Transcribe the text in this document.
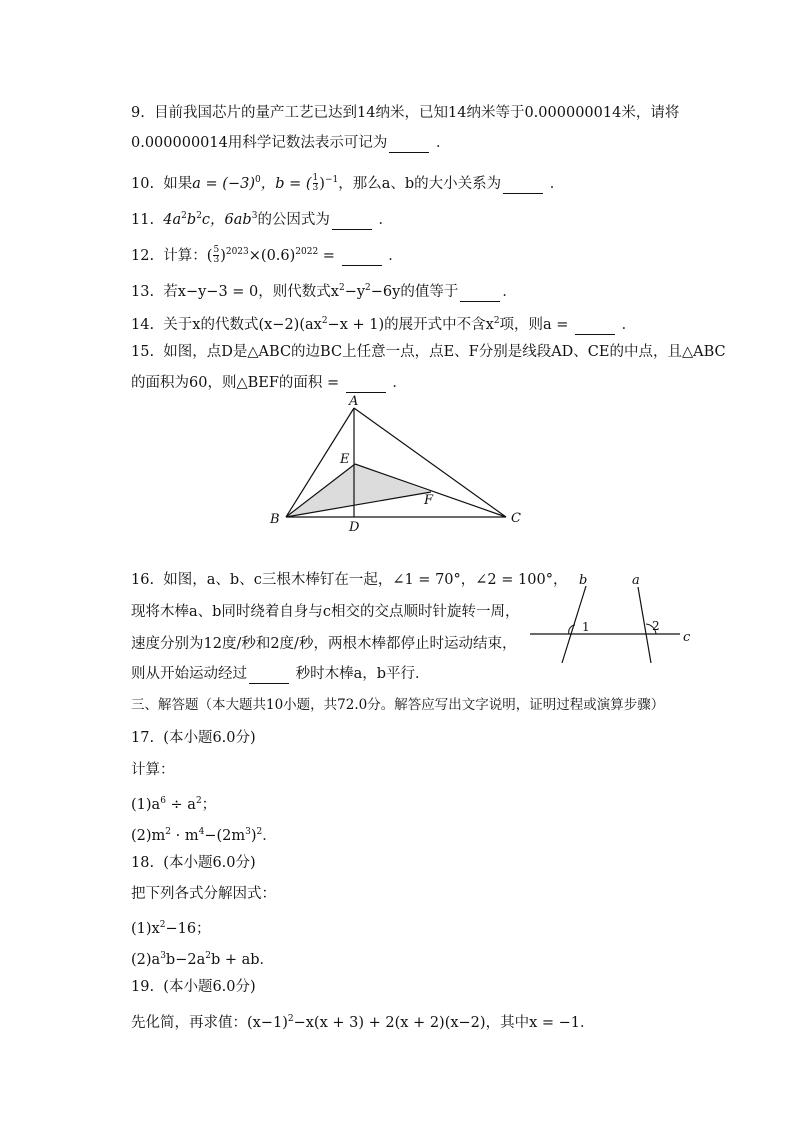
9. 目前我国芯片的量产工艺已达到14纳米，已知14纳米等于0.000000014米，请将
0.000000014用科学记数法表示可记为	．
10. 如果$a = (-3)^0$，b = ( $\frac{1}{3} )^{-1}$，那么a、b的大小关系为	．
11. $4a^2b^2c$，$6ab^3$的公因式为	．
12. 计算：( $\frac{5}{3} )^{2023}\times(0.6)^{2022}$ =	．
13. 若x−y−3 = 0，则代数式$x^2-y^2-6y$的值等于	．
14. 关于x的代数式$(x-2)(ax^2-x + 1)$的展开式中不含$x^2$项，则a =	．
15. 如图，点D是△ABC的边BC上任意一点，点E、F分别是线段AD、CE的中点，且△ABC
的面积为60，则△BEF的面积 =	．
A
E
F
B
D
C
16. 如图，a、b、c三根木棒钉在一起，∠1 = 70°，∠2 = 100°，
现将木棒a、b同时绕着自身与c相交的交点顺时针旋转一周，
速度分别为12度/秒和2度/秒，两根木棒都停止时运动结束，
则从开始运动经过	秒时木棒a，b平行．
b	a
c
1	2
三、解答题（本大题共10小题，共72.0分。解答应写出文字说明，证明过程或演算步骤）
17. (本小题6.0分)
计算：
$(1)a^6 \div a^2$；
$(2)m^2 \cdot m^4-(2m^3)^2$．
18. (本小题6.0分)
把下列各式分解因式：
$(1)x^2-16$；
$(2)a^3b-2a^2b$ + ab．
19. (本小题6.0分)
先化简，再求值：$(x-1)^2-x(x + 3) + 2(x + 2)(x-2)$，其中x = −1．
